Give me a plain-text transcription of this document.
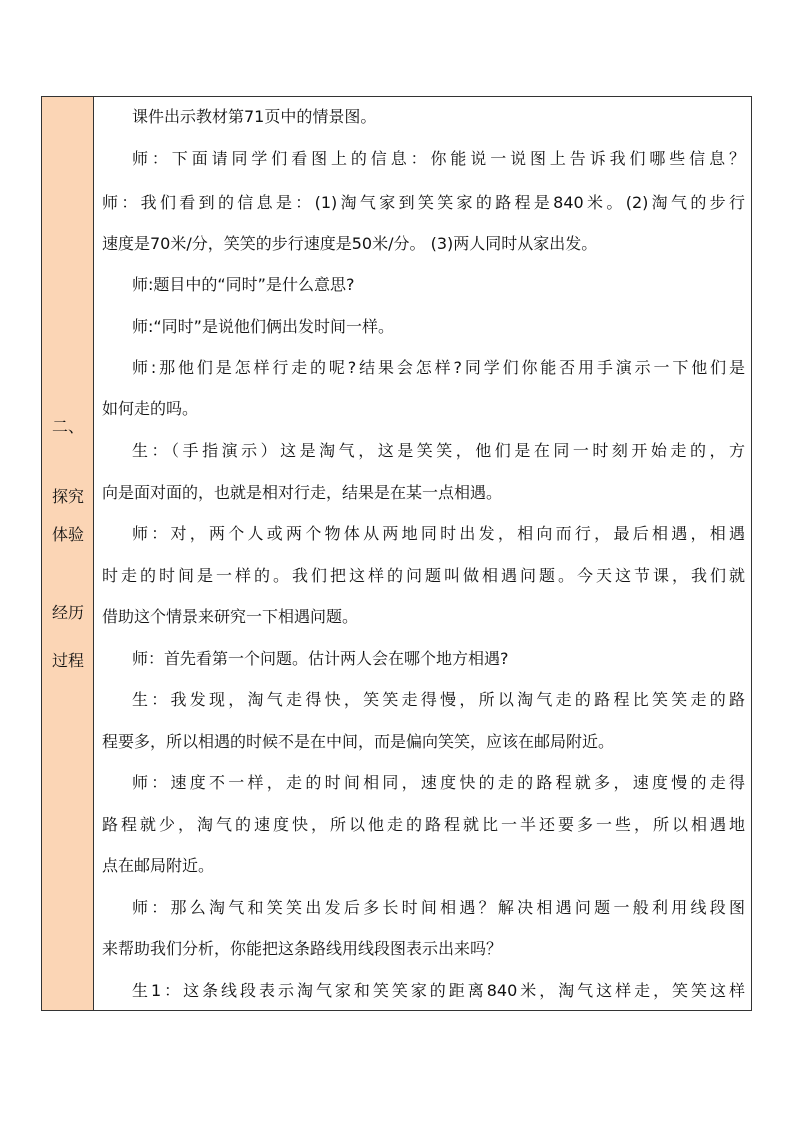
二、
探究
体验
经历
过程
课件出示教材第71页中的情景图。
师：下面请同学们看图上的信息：你能说一说图上告诉我们哪些信息？
师：我们看到的信息是：(1)淘气家到笑笑家的路程是840米。(2)淘气的步行
速度是70米/分，笑笑的步行速度是50米/分。 (3)两人同时从家出发。
师:题目中的“同时”是什么意思?
师:“同时”是说他们俩出发时间一样。
师:那他们是怎样行走的呢?结果会怎样?同学们你能否用手演示一下他们是
如何走的吗。
生：（手指演示）这是淘气，这是笑笑，他们是在同一时刻开始走的，方
向是面对面的，也就是相对行走，结果是在某一点相遇。
师：对，两个人或两个物体从两地同时出发，相向而行，最后相遇，相遇
时走的时间是一样的。我们把这样的问题叫做相遇问题。今天这节课，我们就
借助这个情景来研究一下相遇问题。
师：首先看第一个问题。估计两人会在哪个地方相遇?
生：我发现，淘气走得快，笑笑走得慢，所以淘气走的路程比笑笑走的路
程要多，所以相遇的时候不是在中间，而是偏向笑笑，应该在邮局附近。
师：速度不一样，走的时间相同，速度快的走的路程就多，速度慢的走得
路程就少，淘气的速度快，所以他走的路程就比一半还要多一些，所以相遇地
点在邮局附近。
师：那么淘气和笑笑出发后多长时间相遇？解决相遇问题一般利用线段图
来帮助我们分析，你能把这条路线用线段图表示出来吗？
生1：这条线段表示淘气家和笑笑家的距离840米，淘气这样走，笑笑这样
